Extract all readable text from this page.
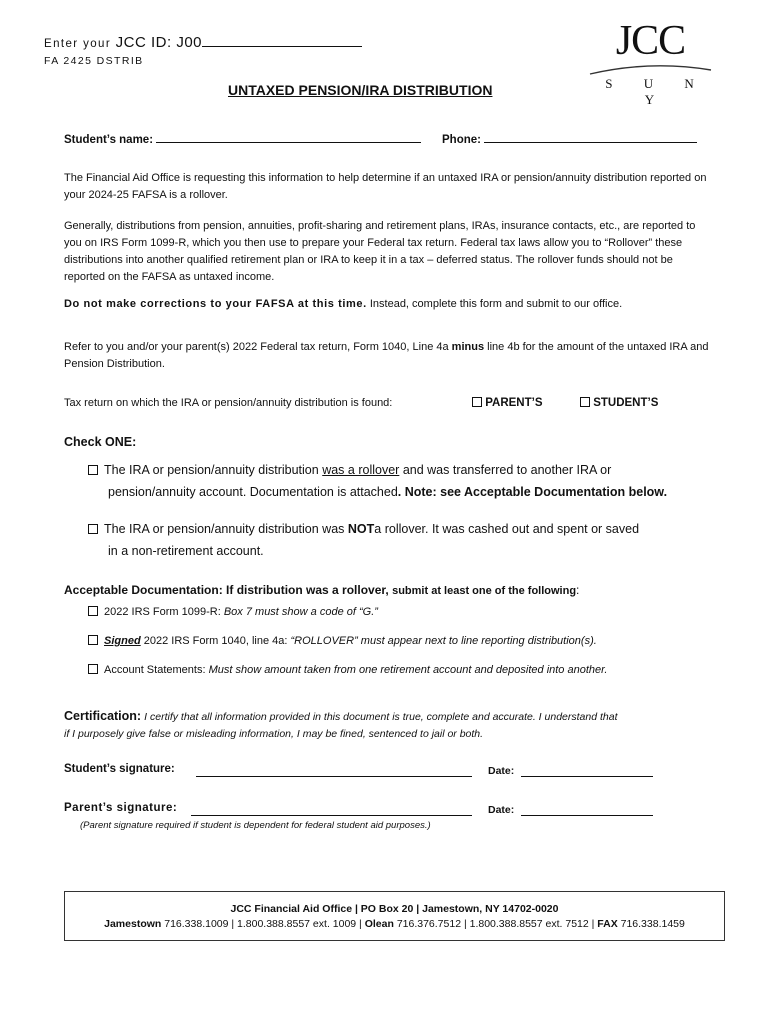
Enter your JCC ID: J00
FA 2425 DSTRIB	JCC
S U N Y
UNTAXED PENSION/IRA DISTRIBUTION
Student’s name:	Phone:

The Financial Aid Office is requesting this information to help determine if an untaxed IRA or pension/annuity distribution reported on your 2024-25 FAFSA is a rollover.

Generally, distributions from pension, annuities, profit-sharing and retirement plans, IRAs, insurance contacts, etc., are reported to you on IRS Form 1099-R, which you then use to prepare your Federal tax return. Federal tax laws allow you to “Rollover” these distributions into another qualified retirement plan or IRA to keep it in a tax – deferred status. The rollover funds should not be reported on the FAFSA as untaxed income.

Do not make corrections to your FAFSA at this time. Instead, complete this form and submit to our office.

Refer to you and/or your parent(s) 2022 Federal tax return, Form 1040, Line 4a minus line 4b for the amount of the untaxed IRA and Pension Distribution.

Tax return on which the IRA or pension/annuity distribution is found:	PARENT’S	STUDENT’S
Check ONE:
The IRA or pension/annuity distribution was a rollover and was transferred to another IRA or
pension/annuity account. Documentation is attached. Note: see Acceptable Documentation below.
The IRA or pension/annuity distribution was NOTa rollover. It was cashed out and spent or saved
in a non-retirement account.
Acceptable Documentation: If distribution was a rollover, submit at least one of the following:
2022 IRS Form 1099-R: Box 7 must show a code of “G.”
Signed 2022 IRS Form 1040, line 4a: “ROLLOVER” must appear next to line reporting distribution(s).
Account Statements: Must show amount taken from one retirement account and deposited into another.
Certification: I certify that all information provided in this document is true, complete and accurate. I understand that
if I purposely give false or misleading information, I may be fined, sentenced to jail or both.
Student’s signature:	Date:
Parent’s signature:	Date:
(Parent signature required if student is dependent for federal student aid purposes.)
JCC Financial Aid Office | PO Box 20 | Jamestown, NY 14702-0020
Jamestown 716.338.1009 | 1.800.388.8557 ext. 1009 | Olean 716.376.7512 | 1.800.388.8557 ext. 7512 | FAX 716.338.1459
